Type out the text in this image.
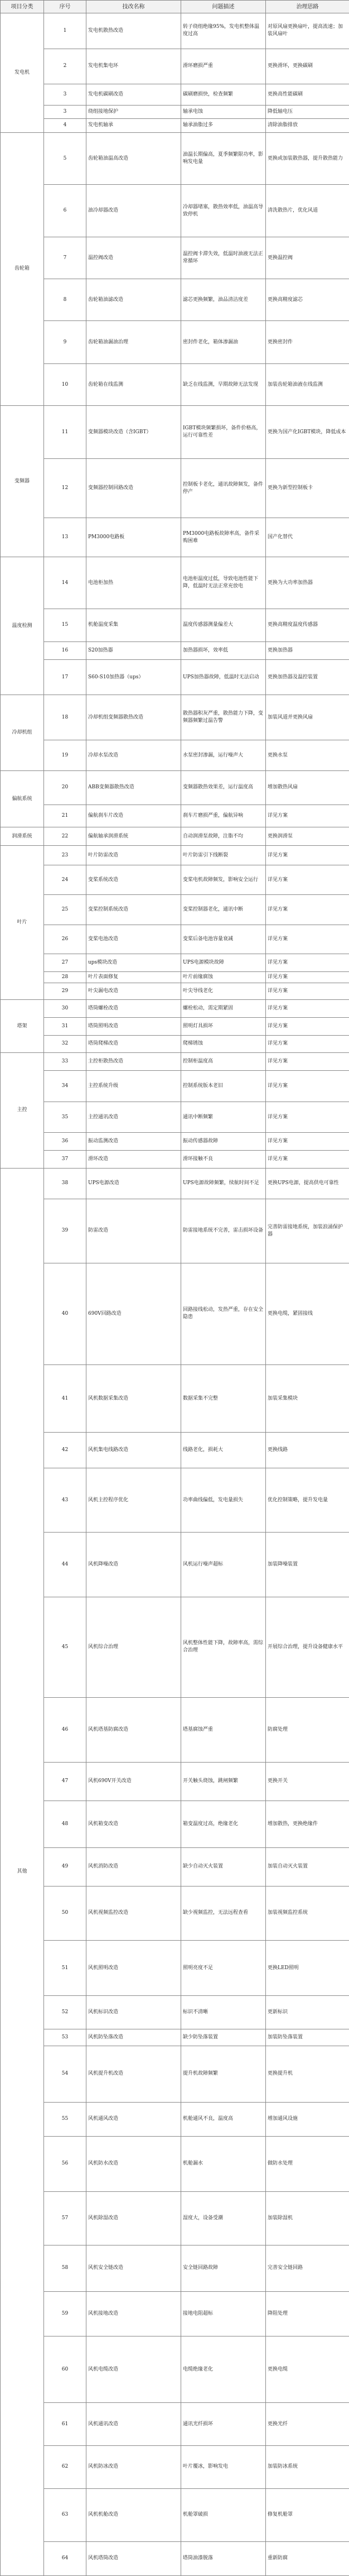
项目分类	序号	技改名称	问题描述	治理思路
发电机	1	发电机散热改造	转子绕组绝缘95%，发电机整体温度过高	对原风扇更换扇叶，提高流速；加装风扇叶
	2	发电机集电环	滑环磨损严重	更换滑环，更换碳刷
	3	发电机碳刷改造	碳刷磨损快，检查频繁	更换高性能碳刷
	3	绕组接地保护	轴承电蚀	降低轴电压
	4	发电机轴承	轴承油脂过多	清除油脂排放
齿轮箱	5	齿轮箱油温高改造	油温长期偏高，夏季频繁限功率，影响发电量	更换或加装散热器，提升散热能力
	6	油冷却器改造	冷却器堵塞，散热效率低，油温高导致停机	清洗散热片，优化风道
	7	温控阀改造	温控阀卡滞失效，低温时油液无法正常循环	更换温控阀
	8	齿轮箱油滤改造	滤芯更换频繁，油品清洁度差	更换高精度滤芯
	9	齿轮箱油漏油治理	密封件老化，箱体渗漏油	更换密封件
	10	齿轮箱在线监测	缺乏在线监测，早期故障无法发现	加装齿轮箱油液在线监测
变频器	11	变频器模块改造（含IGBT）	IGBT模块频繁损坏，备件价格高，运行可靠性差	更换为国产化IGBT模块，降低成本
	12	变频器控制回路改造	控制板卡老化，通讯故障频发，备件停产	更换为新型控制板卡
	13	PM3000电路板	PM3000电路板故障率高，备件采购困难	国产化替代
温度检测	14	电池柜加热	电池柜温度过低，导致电池性能下降，低温时无法正常充放电	更换为大功率加热器
	15	机舱温度采集	温度传感器测量偏差大	更换高精度温度传感器
	16	S20加热器	加热器损坏，效率低	更换加热器
	17	S60-S10加热器（ups）	UPS加热器故障，低温时无法启动	更换加热器及温控装置
冷却机组	18	冷却机组变频器散热改造	散热器积灰严重，散热能力下降，变频器频繁过温告警	加装风道并更换风扇
	19	冷却水泵改造	水泵密封渗漏，运行噪声大	更换水泵
偏航系统	20	ABB变频器散热改造	变频器散热效果差，运行温度高	增加散热风扇
	21	偏航刹车片改造	刹车片磨损严重，偏航异响	详见方案
润滑系统	22	偏航轴承润滑系统	自动润滑泵故障，注脂不均	更换润滑泵
叶片	23	叶片防雷改造	叶片防雷引下线断裂	详见方案
	24	变桨系统改造	变桨电机故障频发，影响安全运行	详见方案
	25	变桨控制系统改造	变桨控制器老化，通讯中断	详见方案
	26	变桨电池改造	变桨后备电池容量衰减	详见方案
	27	ups模块改造	UPS电源模块故障	详见方案
	28	叶片表面修复	叶片前缘腐蚀	详见方案
	29	叶尖漏电改造	叶尖导线老化	详见方案
塔架	30	塔筒螺栓改造	螺栓松动，需定期紧固	详见方案
	31	塔筒照明改造	照明灯具损坏	详见方案
	32	塔筒爬梯改造	爬梯锈蚀	详见方案
主控	33	主控柜散热改造	控制柜温度高	详见方案
	34	主控系统升级	控制系统版本老旧	详见方案
	35	主控通讯改造	通讯中断频繁	详见方案
	36	振动监测改造	振动传感器故障	详见方案
	37	滑环改造	滑环接触不良	详见方案
其他	38	UPS电源改造	UPS电源故障频繁，续航时间不足	更换UPS电源，提高供电可靠性
	39	防雷改造	防雷接地系统不完善，雷击损坏设备	完善防雷接地系统，加装浪涌保护器
	40	690V回路改造	回路接线松动，发热严重，存在安全隐患	更换电缆，紧固接线
	41	风机数据采集改造	数据采集不完整	加装采集模块
	42	风机集电线路改造	线路老化，损耗大	更换线路
	43	风机主控程序优化	功率曲线偏低，发电量损失	优化控制策略，提升发电量
	44	风机降噪改造	风机运行噪声超标	加装降噪装置
	45	风机综合治理	风机整体性能下降，故障率高，需综合治理	开展综合治理，提升设备健康水平
	46	风机塔基防腐改造	塔基腐蚀严重	防腐处理
	47	风机690V开关改造	开关触头烧蚀，跳闸频繁	更换开关
	48	风机箱变改造	箱变温度过高，绝缘老化	增加散热，更换绝缘件
	49	风机消防改造	缺少自动灭火装置	加装自动灭火装置
	50	风机视频监控改造	缺少视频监控，无法远程查看	加装视频监控系统
	51	风机照明改造	照明亮度不足	更换LED照明
	52	风机标识改造	标识不清晰	更新标识
	53	风机防坠落改造	缺少防坠落装置	加装防坠落装置
	54	风机提升机改造	提升机故障频繁	更换提升机
	55	风机通风改造	机舱通风不良，温度高	增加通风设施
	56	风机防水改造	机舱漏水	做防水处理
	57	风机除湿改造	湿度大，设备受潮	加装除湿机
	58	风机安全链改造	安全链回路故障	完善安全链回路
	59	风机接地改造	接地电阻超标	降阻处理
	60	风机电缆改造	电缆绝缘老化	更换电缆
	61	风机通讯改造	通讯光纤损坏	更换光纤
	62	风机防冰改造	叶片覆冰，影响发电	加装防冰系统
	63	风机机舱改造	机舱罩破损	修复机舱罩
	64	风机塔筒改造	塔筒油漆脱落	重新防腐
